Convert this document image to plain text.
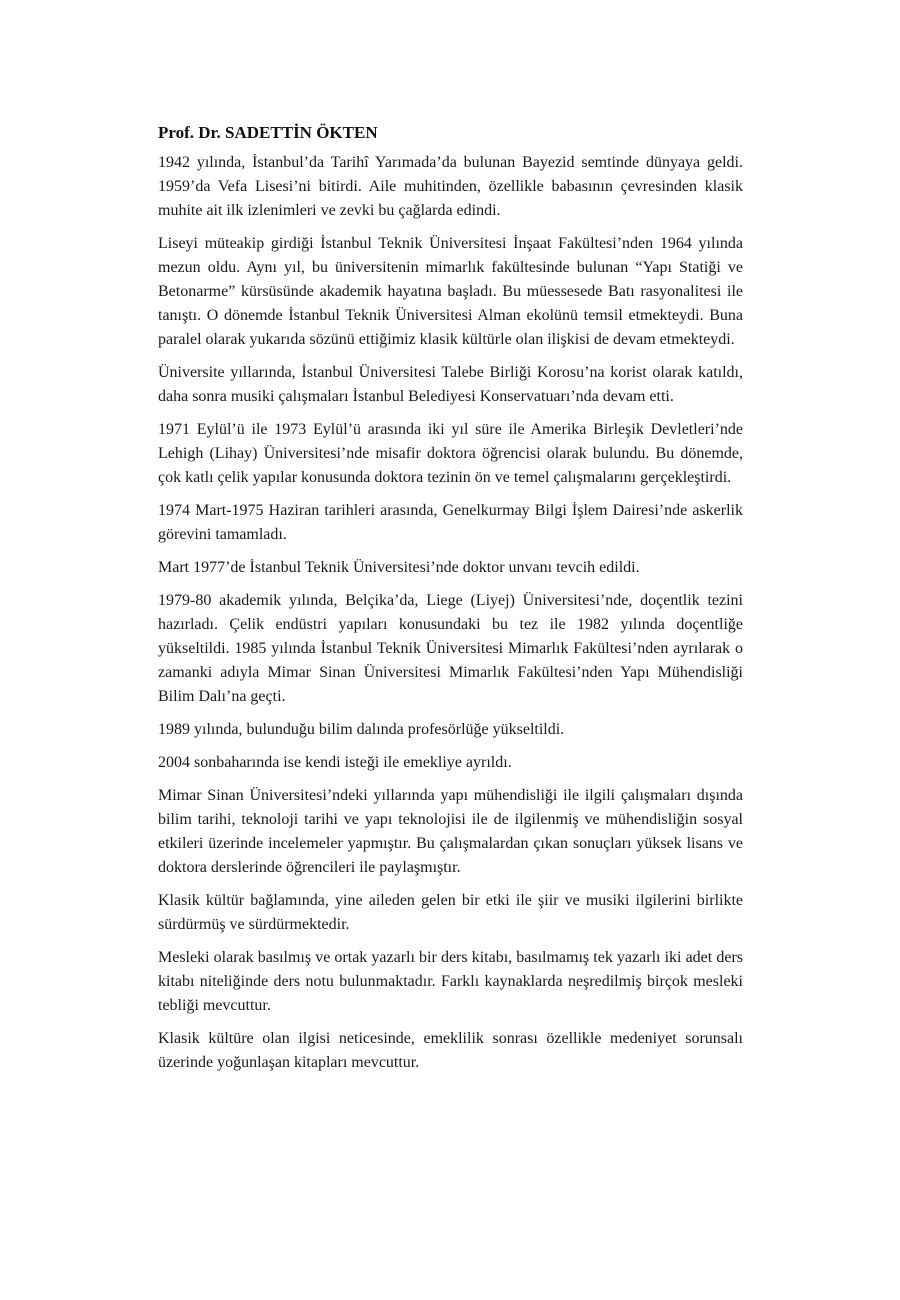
Prof. Dr. SADETTİN ÖKTEN
1942 yılında, İstanbul’da Tarihî Yarımada’da bulunan Bayezid semtinde dünyaya geldi. 1959’da Vefa Lisesi’ni bitirdi. Aile muhitinden, özellikle babasının çevresinden klasik muhite ait ilk izlenimleri ve zevki bu çağlarda edindi.
Liseyi müteakip girdiği İstanbul Teknik Üniversitesi İnşaat Fakültesi’nden 1964 yılında mezun oldu. Aynı yıl, bu üniversitenin mimarlık fakültesinde bulunan “Yapı Statiği ve Betonarme” kürsüsünde akademik hayatına başladı. Bu müessesede Batı rasyonalitesi ile tanıştı. O dönemde İstanbul Teknik Üniversitesi Alman ekolünü temsil etmekteydi. Buna paralel olarak yukarıda sözünü ettiğimiz klasik kültürle olan ilişkisi de devam etmekteydi.
Üniversite yıllarında, İstanbul Üniversitesi Talebe Birliği Korosu’na korist olarak katıldı, daha sonra musiki çalışmaları İstanbul Belediyesi Konservatuarı’nda devam etti.
1971 Eylül’ü ile 1973 Eylül’ü arasında iki yıl süre ile Amerika Birleşik Devletleri’nde Lehigh (Lihay) Üniversitesi’nde misafir doktora öğrencisi olarak bulundu. Bu dönemde, çok katlı çelik yapılar konusunda doktora tezinin ön ve temel çalışmalarını gerçekleştirdi.
1974 Mart-1975 Haziran tarihleri arasında, Genelkurmay Bilgi İşlem Dairesi’nde askerlik görevini tamamladı.
Mart 1977’de İstanbul Teknik Üniversitesi’nde doktor unvanı tevcih edildi.
1979-80 akademik yılında, Belçika’da, Liege (Liyej) Üniversitesi’nde, doçentlik tezini hazırladı. Çelik endüstri yapıları konusundaki bu tez ile 1982 yılında doçentliğe yükseltildi. 1985 yılında İstanbul Teknik Üniversitesi Mimarlık Fakültesi’nden ayrılarak o zamanki adıyla Mimar Sinan Üniversitesi Mimarlık Fakültesi’nden Yapı Mühendisliği Bilim Dalı’na geçti.
1989 yılında, bulunduğu bilim dalında profesörlüğe yükseltildi.
2004 sonbaharında ise kendi isteği ile emekliye ayrıldı.
Mimar Sinan Üniversitesi’ndeki yıllarında yapı mühendisliği ile ilgili çalışmaları dışında bilim tarihi, teknoloji tarihi ve yapı teknolojisi ile de ilgilenmiş ve mühendisliğin sosyal etkileri üzerinde incelemeler yapmıştır. Bu çalışmalardan çıkan sonuçları yüksek lisans ve doktora derslerinde öğrencileri ile paylaşmıştır.
Klasik kültür bağlamında, yine aileden gelen bir etki ile şiir ve musiki ilgilerini birlikte sürdürmüş ve sürdürmektedir.
Mesleki olarak basılmış ve ortak yazarlı bir ders kitabı, basılmamış tek yazarlı iki adet ders kitabı niteliğinde ders notu bulunmaktadır. Farklı kaynaklarda neşredilmiş birçok mesleki tebliği mevcuttur.
Klasik kültüre olan ilgisi neticesinde, emeklilik sonrası özellikle medeniyet sorunsalı üzerinde yoğunlaşan kitapları mevcuttur.
